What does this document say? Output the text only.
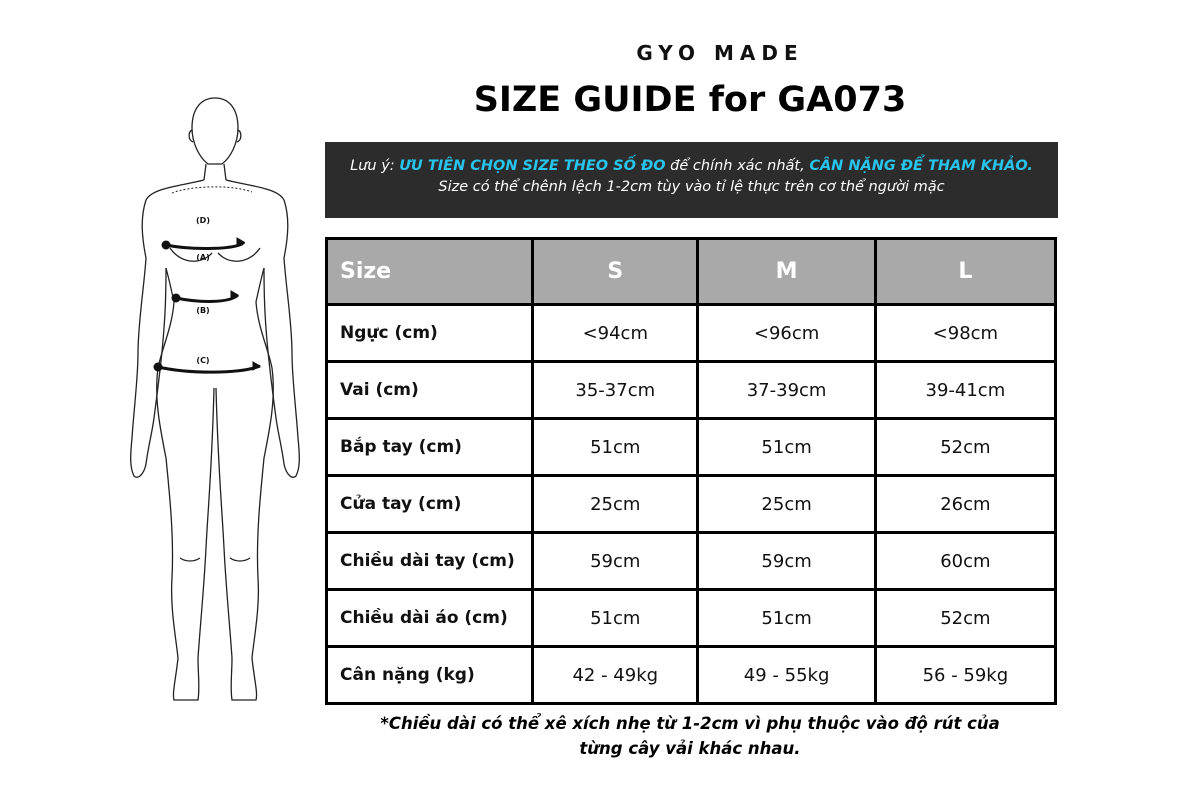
(D)
(A)
(B)
(C)
GYO MADE
SIZE GUIDE for GA073
Lưu ý: ƯU TIÊN CHỌN SIZE THEO SỐ ĐO để chính xác nhất, CÂN NẶNG ĐỂ THAM KHẢO.
Size có thể chênh lệch 1-2cm tùy vào tỉ lệ thực trên cơ thể người mặc
Size	S	M	L
Ngực (cm)	<94cm	<96cm	<98cm
Vai (cm)	35-37cm	37-39cm	39-41cm
Bắp tay (cm)	51cm	51cm	52cm
Cửa tay (cm)	25cm	25cm	26cm
Chiều dài tay (cm)	59cm	59cm	60cm
Chiều dài áo (cm)	51cm	51cm	52cm
Cân nặng (kg)	42 - 49kg	49 - 55kg	56 - 59kg
*Chiều dài có thể xê xích nhẹ từ 1-2cm vì phụ thuộc vào độ rút của
từng cây vải khác nhau.
